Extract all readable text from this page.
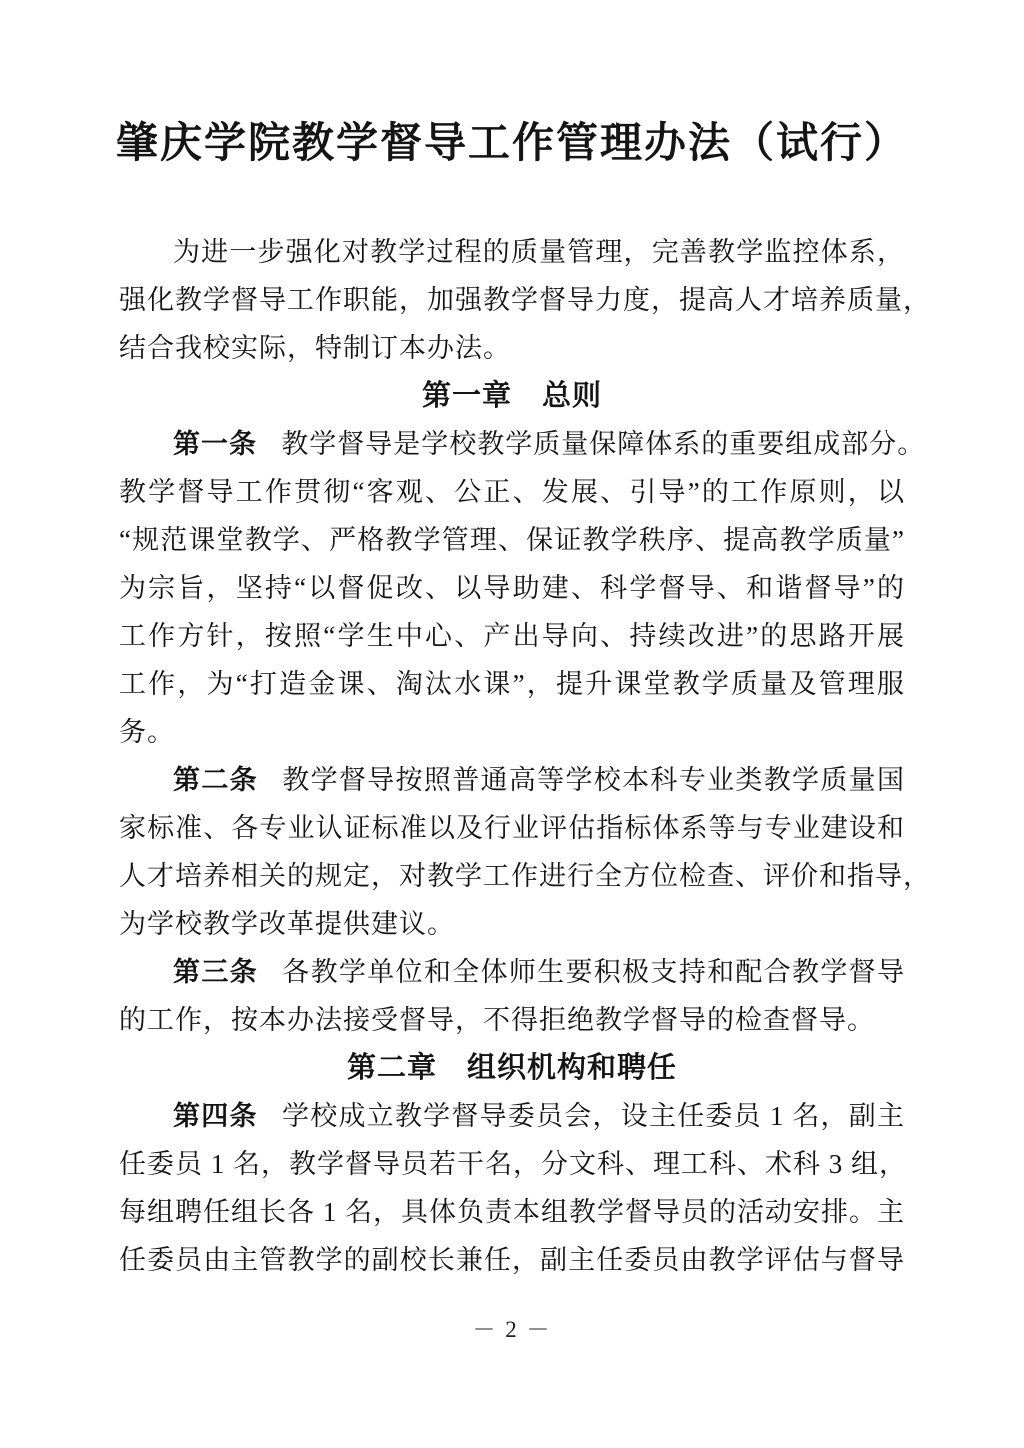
肇庆学院教学督导工作管理办法（试行）
为进一步强化对教学过程的质量管理，完善教学监控体系，
强化教学督导工作职能，加强教学督导力度，提高人才培养质量，
结合我校实际，特制订本办法。
第一章　总则
第一条 教学督导是学校教学质量保障体系的重要组成部分。
教学督导工作贯彻“客观、公正、发展、引导”的工作原则，以
“规范课堂教学、严格教学管理、保证教学秩序、提高教学质量”
为宗旨，坚持“以督促改、以导助建、科学督导、和谐督导”的
工作方针，按照“学生中心、产出导向、持续改进”的思路开展
工作，为“打造金课、淘汰水课”，提升课堂教学质量及管理服
务。
第二条 教学督导按照普通高等学校本科专业类教学质量国
家标准、各专业认证标准以及行业评估指标体系等与专业建设和
人才培养相关的规定，对教学工作进行全方位检查、评价和指导，
为学校教学改革提供建议。
第三条 各教学单位和全体师生要积极支持和配合教学督导
的工作，按本办法接受督导，不得拒绝教学督导的检查督导。
第二章　组织机构和聘任
第四条 学校成立教学督导委员会，设主任委员 1 名，副主
任委员 1 名，教学督导员若干名，分文科、理工科、术科 3 组，
每组聘任组长各 1 名，具体负责本组教学督导员的活动安排。主
任委员由主管教学的副校长兼任，副主任委员由教学评估与督导
－ 2 －
